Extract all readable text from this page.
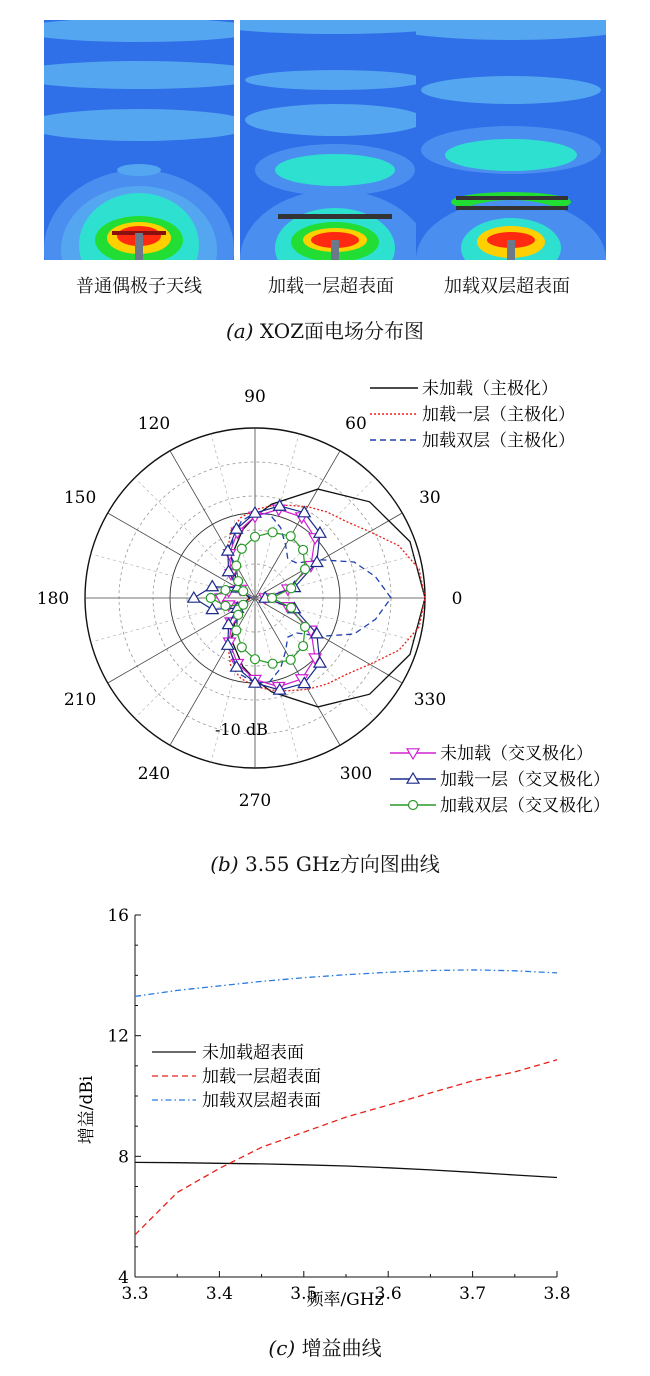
普通偶极子天线	加载一层超表面	加载双层超表面
(a) XOZ面电场分布图
0
30
60
90
120
150
180
210
240
270
300
330
-10 dB
未加载（主极化）
加载一层（主极化）
加载双层（主极化）
未加载（交叉极化）
加载一层（交叉极化）
加载双层（交叉极化）
(b) 3.55 GHz方向图曲线
4
8
12
16
3.3	3.4	3.5	3.6	3.7	3.8
未加载超表面
加载一层超表面
加载双层超表面
频率/GHz
增益/dBi
(c) 增益曲线
